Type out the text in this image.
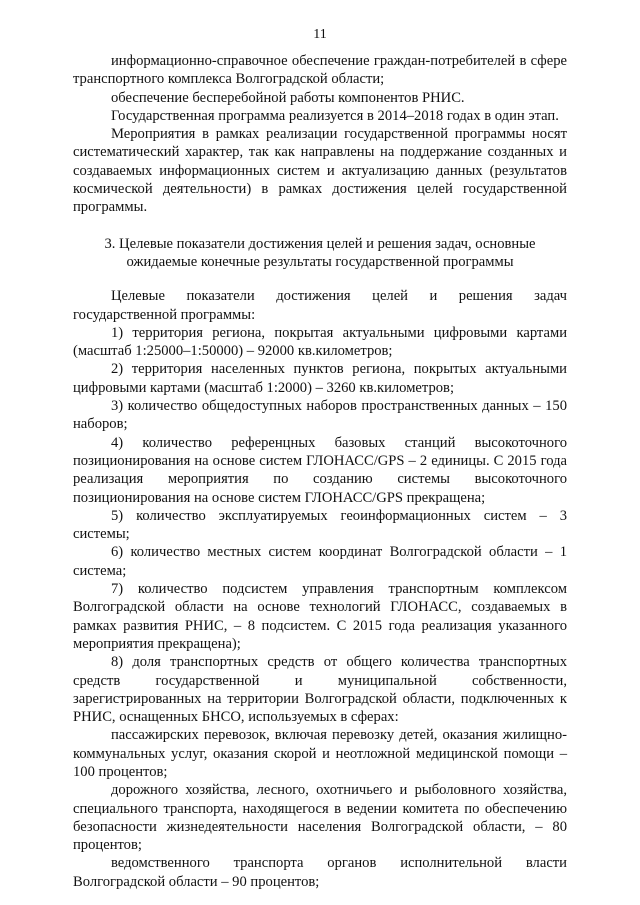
11

информационно-справочное обеспечение граждан-потребителей в сфере транспортного комплекса Волгоградской области;

обеспечение бесперебойной работы компонентов РНИС.

Государственная программа реализуется в 2014–2018 годах в один этап.

Мероприятия в рамках реализации государственной программы носят систематический характер, так как направлены на поддержание созданных и создаваемых информационных систем и актуализацию данных (результатов космической деятельности) в рамках достижения целей государственной программы.

3. Целевые показатели достижения целей и решения задач, основные
ожидаемые конечные результаты государственной программы

Целевые показатели достижения целей и решения задач государственной программы:

1) территория региона, покрытая актуальными цифровыми картами (масштаб 1:25000–1:50000) – 92000 кв.километров;

2) территория населенных пунктов региона, покрытых актуальными цифровыми картами (масштаб 1:2000) – 3260 кв.километров;

3) количество общедоступных наборов пространственных данных – 150 наборов;

4) количество референцных базовых станций высокоточного позиционирования на основе систем ГЛОНАСС/GPS – 2 единицы. С 2015 года реализация мероприятия по созданию системы высокоточного позиционирования на основе систем ГЛОНАСС/GPS прекращена;

5) количество эксплуатируемых геоинформационных систем – 3 системы;

6) количество местных систем координат Волгоградской области – 1 система;

7) количество подсистем управления транспортным комплексом Волгоградской области на основе технологий ГЛОНАСС, создаваемых в рамках развития РНИС, – 8 подсистем. С 2015 года реализация указанного мероприятия прекращена);

8) доля транспортных средств от общего количества транспортных средств государственной и муниципальной собственности, зарегистрированных на территории Волгоградской области, подключенных к РНИС, оснащенных БНСО, используемых в сферах:

пассажирских перевозок, включая перевозку детей, оказания жилищно-коммунальных услуг, оказания скорой и неотложной медицинской помощи – 100 процентов;

дорожного хозяйства, лесного, охотничьего и рыболовного хозяйства, специального транспорта, находящегося в ведении комитета по обеспечению безопасности жизнедеятельности населения Волгоградской области, – 80 процентов;

ведомственного транспорта органов исполнительной власти Волгоградской области – 90 процентов;
